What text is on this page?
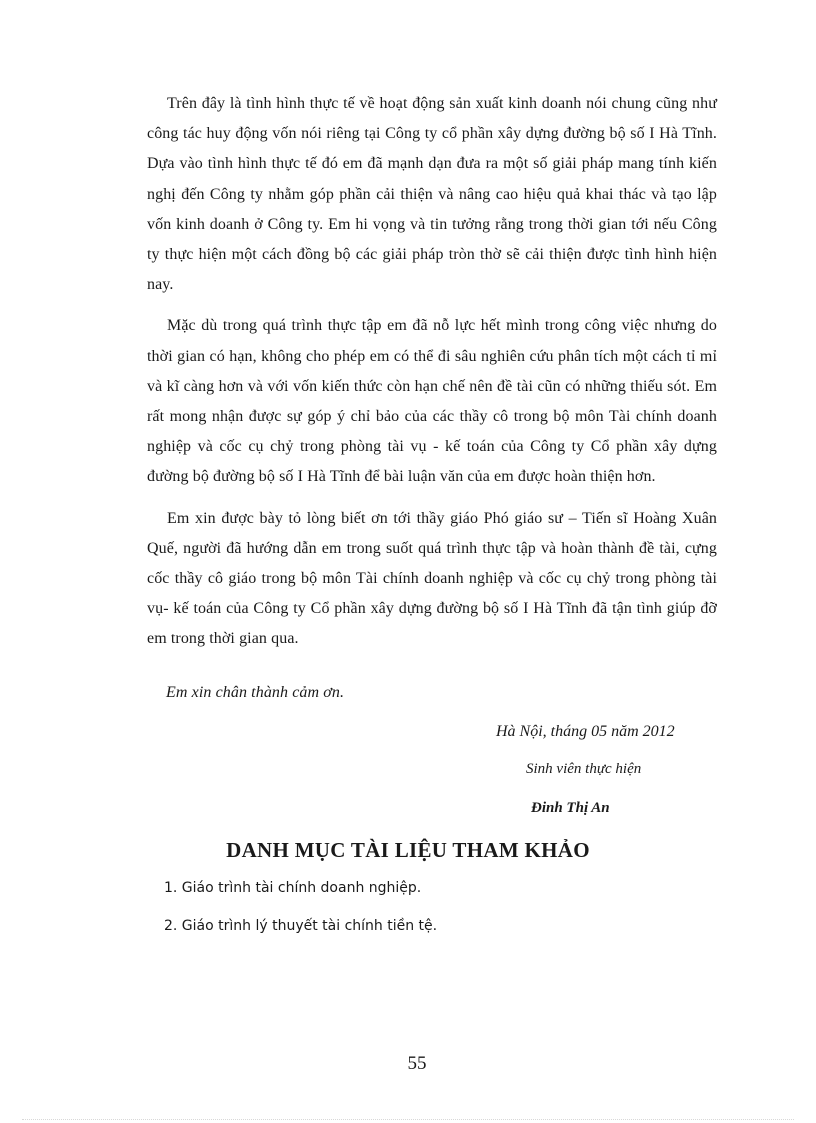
Trên đây là tình hình thực tế về hoạt động sản xuất kinh doanh nói chung cũng như công tác huy động vốn nói riêng tại Công ty cổ phần xây dựng đường bộ số I Hà Tĩnh. Dựa vào tình hình thực tế đó em đã mạnh dạn đưa ra một số giải pháp mang tính kiến nghị đến Công ty nhằm góp phần cải thiện và nâng cao hiệu quả khai thác và tạo lập vốn kinh doanh ở Công ty. Em hi vọng và tin tưởng rằng trong thời gian tới nếu Công ty thực hiện một cách đồng bộ các giải pháp tròn thờ sẽ cải thiện được tình hình hiện nay.

Mặc dù trong quá trình thực tập em đã nỗ lực hết mình trong công việc nhưng do thời gian có hạn, không cho phép em có thể đi sâu nghiên cứu phân tích một cách tỉ mỉ và kĩ càng hơn và với vốn kiến thức còn hạn chế nên đề tài cũn có những thiếu sót. Em rất mong nhận được sự góp ý chỉ bảo của các thầy cô trong bộ môn Tài chính doanh nghiệp và cốc cụ chỷ trong phòng tài vụ - kế toán của Công ty Cổ phần xây dựng đường bộ đường bộ số I Hà Tĩnh để bài luận văn của em được hoàn thiện hơn.

Em xin được bày tỏ lòng biết ơn tới thầy giáo Phó giáo sư – Tiến sĩ Hoàng Xuân Quế, người đã hướng dẫn em trong suốt quá trình thực tập và hoàn thành đề tài, cựng cốc thầy cô giáo trong bộ môn Tài chính doanh nghiệp và cốc cụ chỷ trong phòng tài vụ- kế toán của Công ty Cổ phần xây dựng đường bộ số I Hà Tĩnh đã tận tình giúp đỡ em trong thời gian qua.

Em xin chân thành cảm ơn.
Hà Nội, tháng 05 năm 2012
Sinh viên thực hiện
Đinh Thị An
DANH MỤC TÀI LIỆU THAM KHẢO
1. Giáo trình tài chính doanh nghiệp.
2. Giáo trình lý thuyết tài chính tiền tệ.
55
